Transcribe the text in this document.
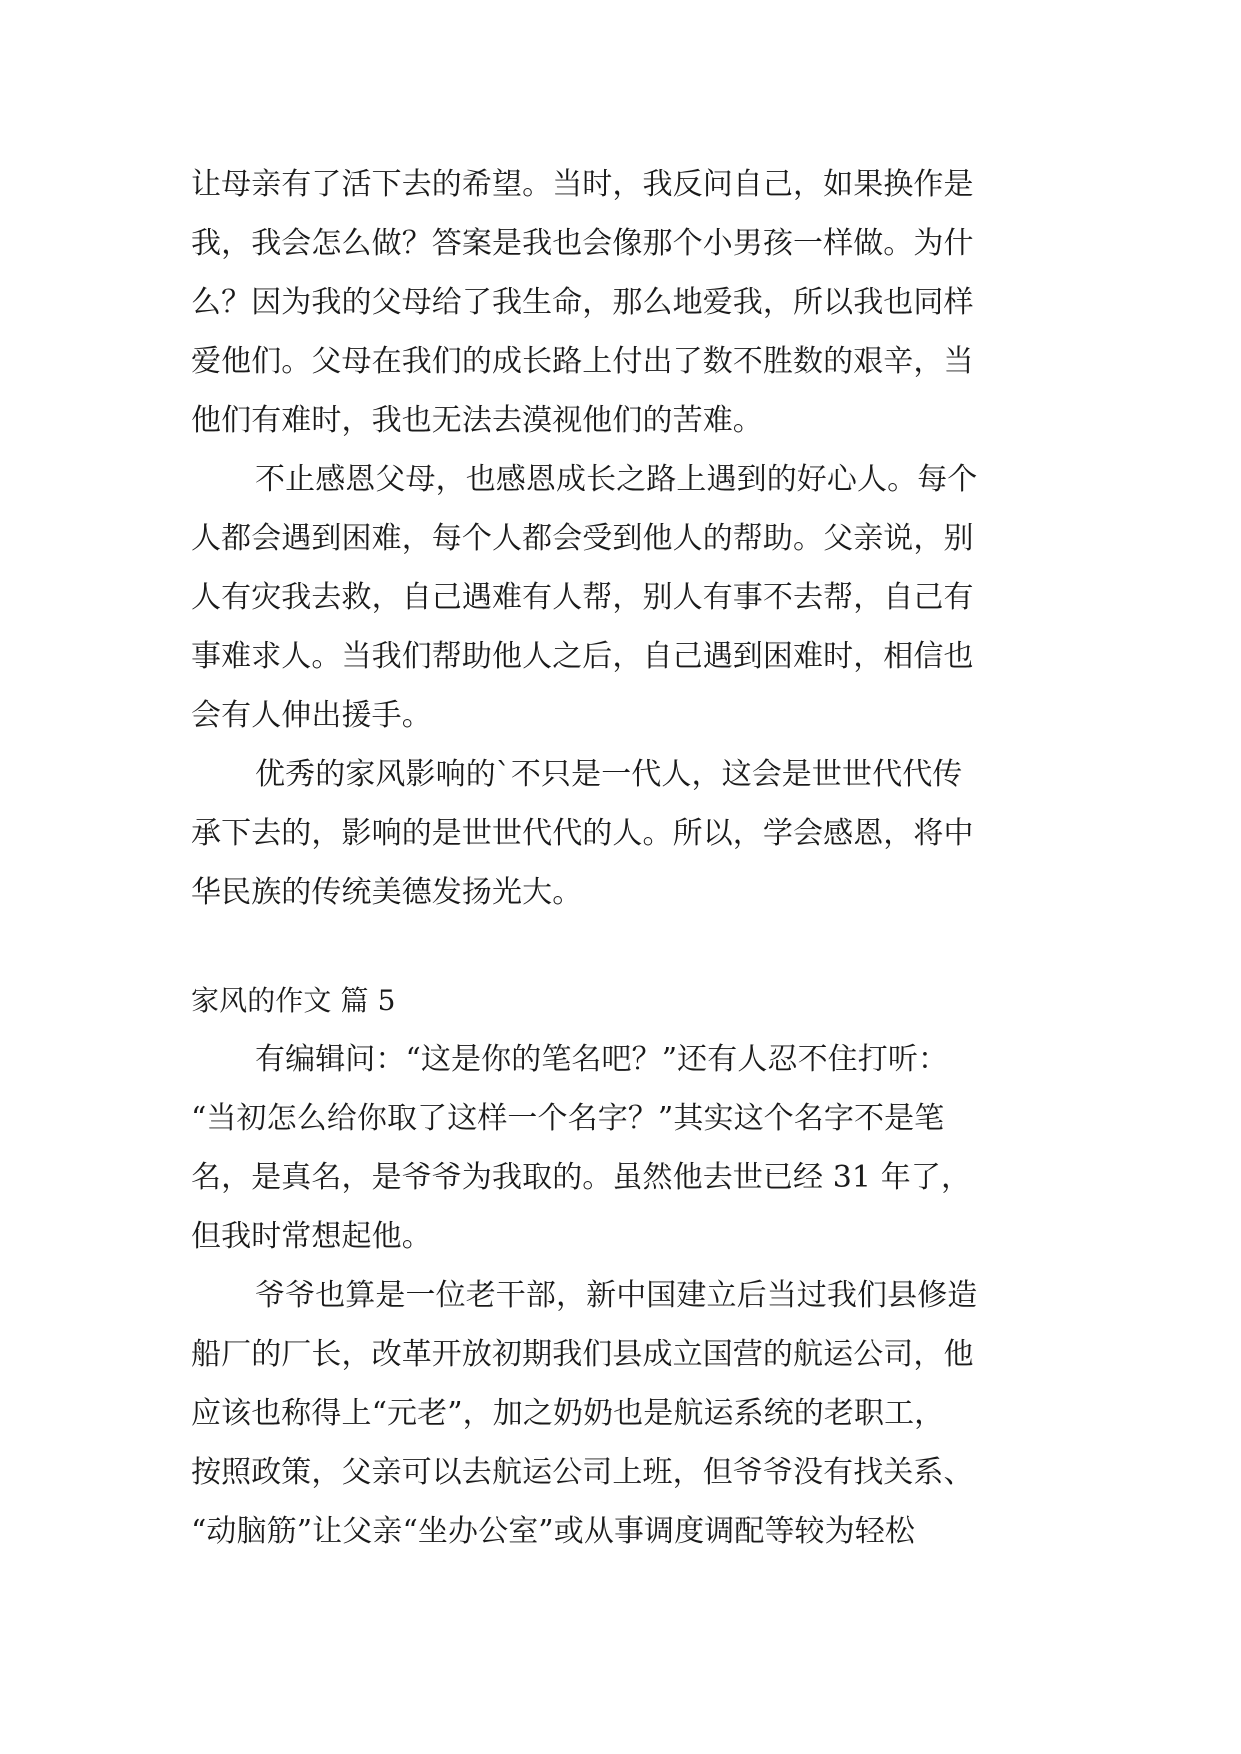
让母亲有了活下去的希望。当时，我反问自己，如果换作是
我，我会怎么做？答案是我也会像那个小男孩一样做。为什
么？因为我的父母给了我生命，那么地爱我，所以我也同样
爱他们。父母在我们的成长路上付出了数不胜数的艰辛，当
他们有难时，我也无法去漠视他们的苦难。
不止感恩父母，也感恩成长之路上遇到的好心人。每个
人都会遇到困难，每个人都会受到他人的帮助。父亲说，别
人有灾我去救，自己遇难有人帮，别人有事不去帮，自己有
事难求人。当我们帮助他人之后，自己遇到困难时，相信也
会有人伸出援手。
优秀的家风影响的`不只是一代人，这会是世世代代传
承下去的，影响的是世世代代的人。所以，学会感恩，将中
华民族的传统美德发扬光大。
家风的作文 篇 5
有编辑问：“这是你的笔名吧？”还有人忍不住打听：
“当初怎么给你取了这样一个名字？”其实这个名字不是笔
名，是真名，是爷爷为我取的。虽然他去世已经 31 年了，
但我时常想起他。
爷爷也算是一位老干部，新中国建立后当过我们县修造
船厂的厂长，改革开放初期我们县成立国营的航运公司，他
应该也称得上“元老”，加之奶奶也是航运系统的老职工，
按照政策，父亲可以去航运公司上班，但爷爷没有找关系、
“动脑筋”让父亲“坐办公室”或从事调度调配等较为轻松
